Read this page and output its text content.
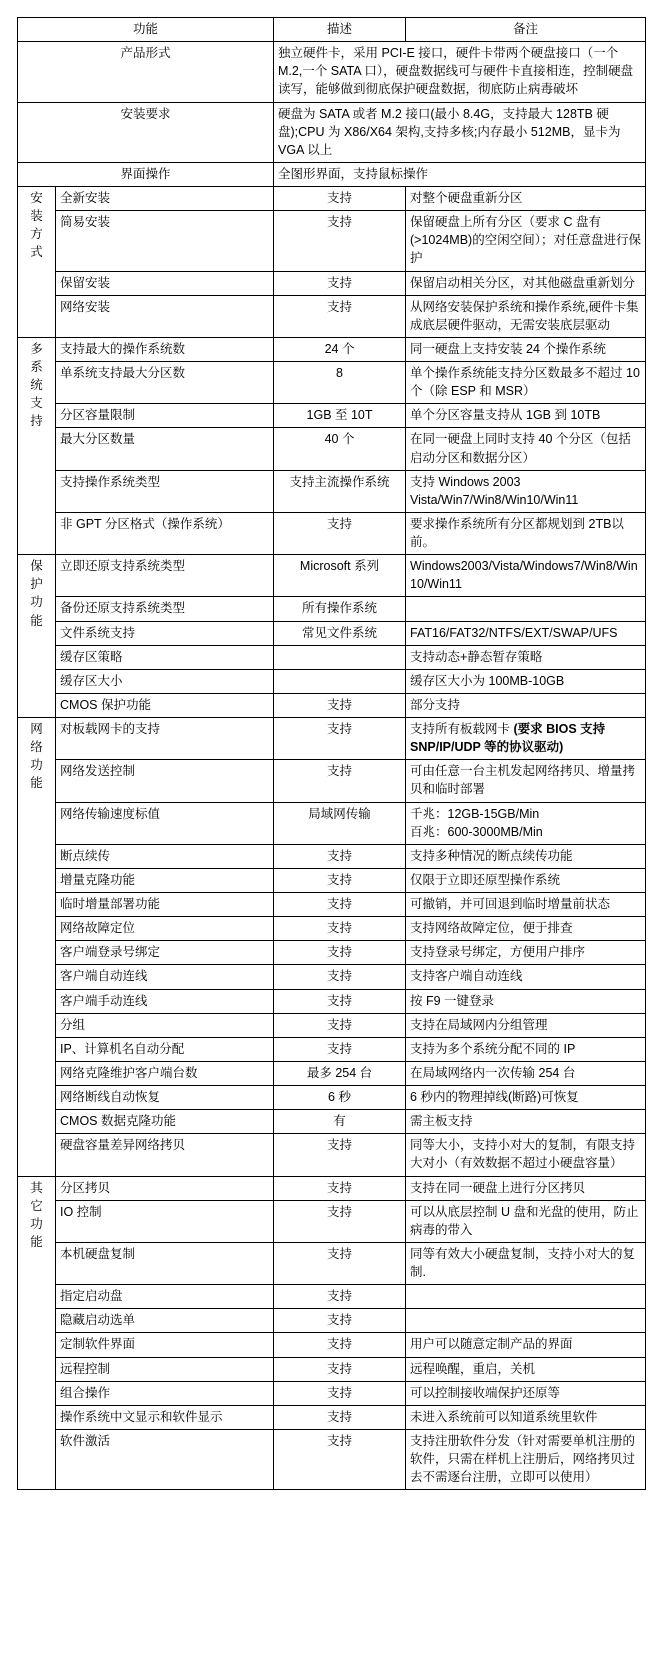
功能		描述	备注
产品形式		独立硬件卡，采用 PCI-E 接口，硬件卡带两个硬盘接口（一个 M.2,一个 SATA 口），硬盘数据线可与硬件卡直接相连，控制硬盘读写，能够做到彻底保护硬盘数据，彻底防止病毒破坏	
安装要求		硬盘为 SATA 或者 M.2 接口(最小 8.4G，支持最大 128TB 硬盘);CPU 为 X86/X64 架构,支持多核;内存最小 512MB，显卡为 VGA 以上	
界面操作		全图形界面，支持鼠标操作	

安
装
方
式	全新安装	支持	对整个硬盘重新分区
	简易安装	支持	保留硬盘上所有分区（要求 C 盘有(>1024MB)的空闲空间）；对任意盘进行保护
	保留安装	支持	保留启动相关分区，对其他磁盘重新划分
	网络安装	支持	从网络安装保护系统和操作系统,硬件卡集成底层硬件驱动，无需安装底层驱动

多
系
统
支
持	支持最大的操作系统数	24 个	同一硬盘上支持安装 24 个操作系统
	单系统支持最大分区数	8	单个操作系统能支持分区数最多不超过 10 个（除 ESP 和 MSR）
	分区容量限制	1GB 至 10T	单个分区容量支持从 1GB 到 10TB
	最大分区数量	40 个	在同一硬盘上同时支持 40 个分区（包括启动分区和数据分区）
	支持操作系统类型	支持主流操作系统	支持 Windows 2003 Vista/Win7/Win8/Win10/Win11
	非 GPT 分区格式（操作系统）	支持	要求操作系统所有分区都规划到 2TB以前。

保
护
功
能	立即还原支持系统类型	Microsoft 系列	Windows2003/Vista/Windows7/Win8/Win10/Win11
	备份还原支持系统类型	所有操作系统	
	文件系统支持	常见文件系统	FAT16/FAT32/NTFS/EXT/SWAP/UFS
	缓存区策略		支持动态+静态暂存策略
	缓存区大小		缓存区大小为 100MB-10GB
	CMOS 保护功能	支持	部分支持

网
络
功
能	对板载网卡的支持	支持	支持所有板载网卡 (要求 BIOS 支持 SNP/IP/UDP 等的协议驱动)
	网络发送控制	支持	可由任意一台主机发起网络拷贝、增量拷贝和临时部署
	网络传输速度标值	局域网传输	千兆：12GB-15GB/Min
百兆：600-3000MB/Min
	断点续传	支持	支持多种情况的断点续传功能
	增量克隆功能	支持	仅限于立即还原型操作系统
	临时增量部署功能	支持	可撤销，并可回退到临时增量前状态
	网络故障定位	支持	支持网络故障定位，便于排查
	客户端登录号绑定	支持	支持登录号绑定，方便用户排序
	客户端自动连线	支持	支持客户端自动连线
	客户端手动连线	支持	按 F9 一键登录
	分组	支持	支持在局域网内分组管理
	IP、计算机名自动分配	支持	支持为多个系统分配不同的 IP
	网络克隆维护客户端台数	最多 254 台	在局域网络内一次传输 254 台
	网络断线自动恢复	6 秒	6 秒内的物理掉线(断路)可恢复
	CMOS 数据克隆功能	有	需主板支持
	硬盘容量差异网络拷贝	支持	同等大小，支持小对大的复制，有限支持大对小（有效数据不超过小硬盘容量）

其
它
功
能	分区拷贝	支持	支持在同一硬盘上进行分区拷贝
	IO 控制	支持	可以从底层控制 U 盘和光盘的使用，防止病毒的带入
	本机硬盘复制	支持	同等有效大小硬盘复制，支持小对大的复制.
	指定启动盘	支持	
	隐藏启动选单	支持	
	定制软件界面	支持	用户可以随意定制产品的界面
	远程控制	支持	远程唤醒，重启，关机
	组合操作	支持	可以控制接收端保护还原等
	操作系统中文显示和软件显示	支持	未进入系统前可以知道系统里软件
	软件激活	支持	支持注册软件分发（针对需要单机注册的软件，只需在样机上注册后，网络拷贝过去不需逐台注册，立即可以使用）
